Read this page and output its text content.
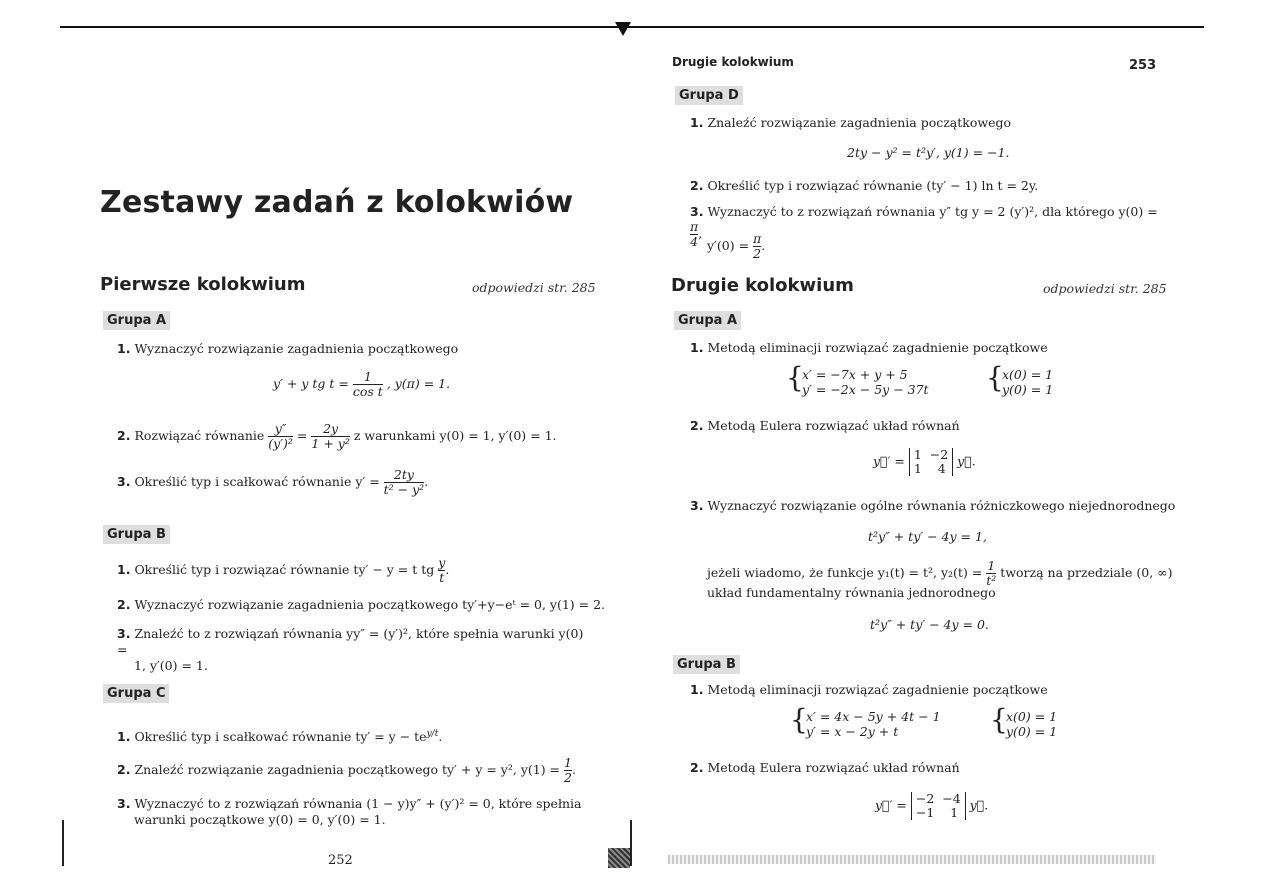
Zestawy zadań z kolokwiów
Pierwsze kolokwium	odpowiedzi str. 285
Grupa A
1. Wyznaczyć rozwiązanie zagadnienia początkowego
y′ + y tg $t = \frac{1}{\text{cos t}}$ , y(π) = 1.
2. Rozwiązać równanie $\frac{y''}{\text{(y′)²}} = \frac{2y}{\text{1 + y²}}$ z warunkami y(0) = 1, y′(0) = 1.
3. Określić typ i scałkować równanie $y' = \frac{2ty}{\text{t² − y²}}$ .
Grupa B
1. Określić typ i rozwiązać równanie ty′ − y = t tg $\frac{y}{t}$ .
2. Wyznaczyć rozwiązanie zagadnienia początkowego ty′+y−eᵗ = 0, y(1) = 2.
3. Znaleźć to z rozwiązań równania yy″ = (y′)², które spełnia warunki y(0) =
1, y′(0) = 1.
Grupa C
1. Określić typ i scałkować równanie $ty' = y - te^{y/t}$.
2. Znaleźć rozwiązanie zagadnienia początkowego ty′ + y = y², $y(1) = \frac{1}{2}$ .
3. Wyznaczyć to z rozwiązań równania (1 − y)y″ + (y′)² = 0, które spełnia
warunki początkowe y(0) = 0, y′(0) = 1.
252
Drugie kolokwium	253
Grupa D
1. Znaleźć rozwiązanie zagadnienia początkowego
2ty − y² = t²y′, y(1) = −1.
2. Określić typ i rozwiązać równanie (ty′ − 1) ln t = 2y.
3. Wyznaczyć to z rozwiązań równania y″ tg y = 2 (y′)², dla którego y(0) =
$\frac{\pi}{4}$ ,
$y'(0) = \frac{\pi}{2}$ .
Drugie kolokwium	odpowiedzi str. 285
Grupa A
1. Metodą eliminacji rozwiązać zagadnienie początkowe
{
x′ = −7x + y + 5
y′ = −2x − 5y − 37t {
x(0) = 1
y(0) = 1
2. Metodą Eulera rozwiązać układ równań
y⃗′ = 1 −2
1 4 y⃗.
3. Wyznaczyć rozwiązanie ogólne równania różniczkowego niejednorodnego
t²y″ + ty′ − 4y = 1,
jeżeli wiadomo, że funkcje y₁(t) = t², $y_2(t) = \frac{1}{\text{t²}}$ tworzą na przedziale (0, ∞)
układ fundamentalny równania jednorodnego
t²y″ + ty′ − 4y = 0.
Grupa B
1. Metodą eliminacji rozwiązać zagadnienie początkowe
{
x′ = 4x − 5y + 4t − 1
y′ = x − 2y + t	{
x(0) = 1
y(0) = 1
2. Metodą Eulera rozwiązać układ równań
y⃗′ = −2 −4
−1 1 y⃗.
